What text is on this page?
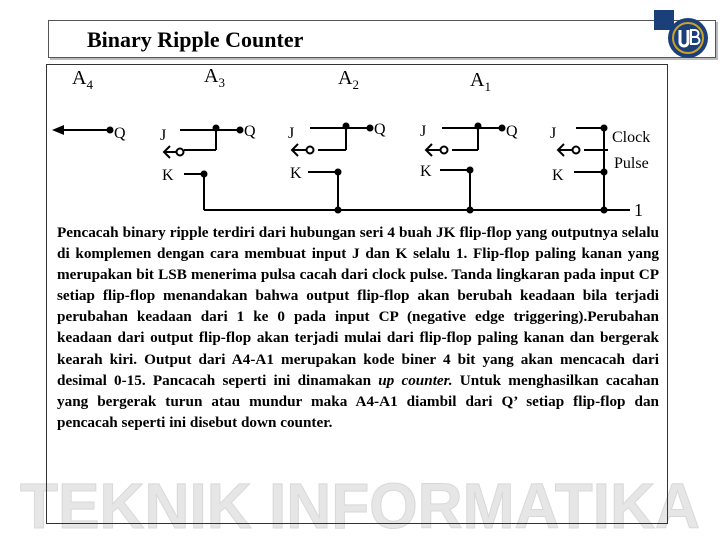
TEKNIK INFORMATIKA
Binary Ripple Counter
$A_4$	$A_3$	$A_2$	$A_1$
Q J
K
Q J
K
Q J
K
Q J
K
Clock
Pulse
1
Pencacah binary ripple terdiri dari hubungan seri 4 buah JK flip-flop yang outputnya selalu di komplemen dengan cara membuat input J dan K selalu 1. Flip-flop paling kanan yang merupakan bit LSB menerima pulsa cacah dari clock pulse. Tanda lingkaran pada input CP setiap flip-flop menandakan bahwa output flip-flop akan berubah keadaan bila terjadi perubahan keadaan dari 1 ke 0 pada input CP (negative edge triggering).Perubahan keadaan dari output flip-flop akan terjadi mulai dari flip-flop paling kanan dan bergerak kearah kiri. Output dari A4-A1 merupakan kode biner 4 bit yang akan mencacah dari desimal 0-15. Pancacah seperti ini dinamakan up counter. Untuk menghasilkan cacahan yang bergerak turun atau mundur maka A4-A1 diambil dari Q’ setiap flip-flop dan pencacah seperti ini disebut down counter.
